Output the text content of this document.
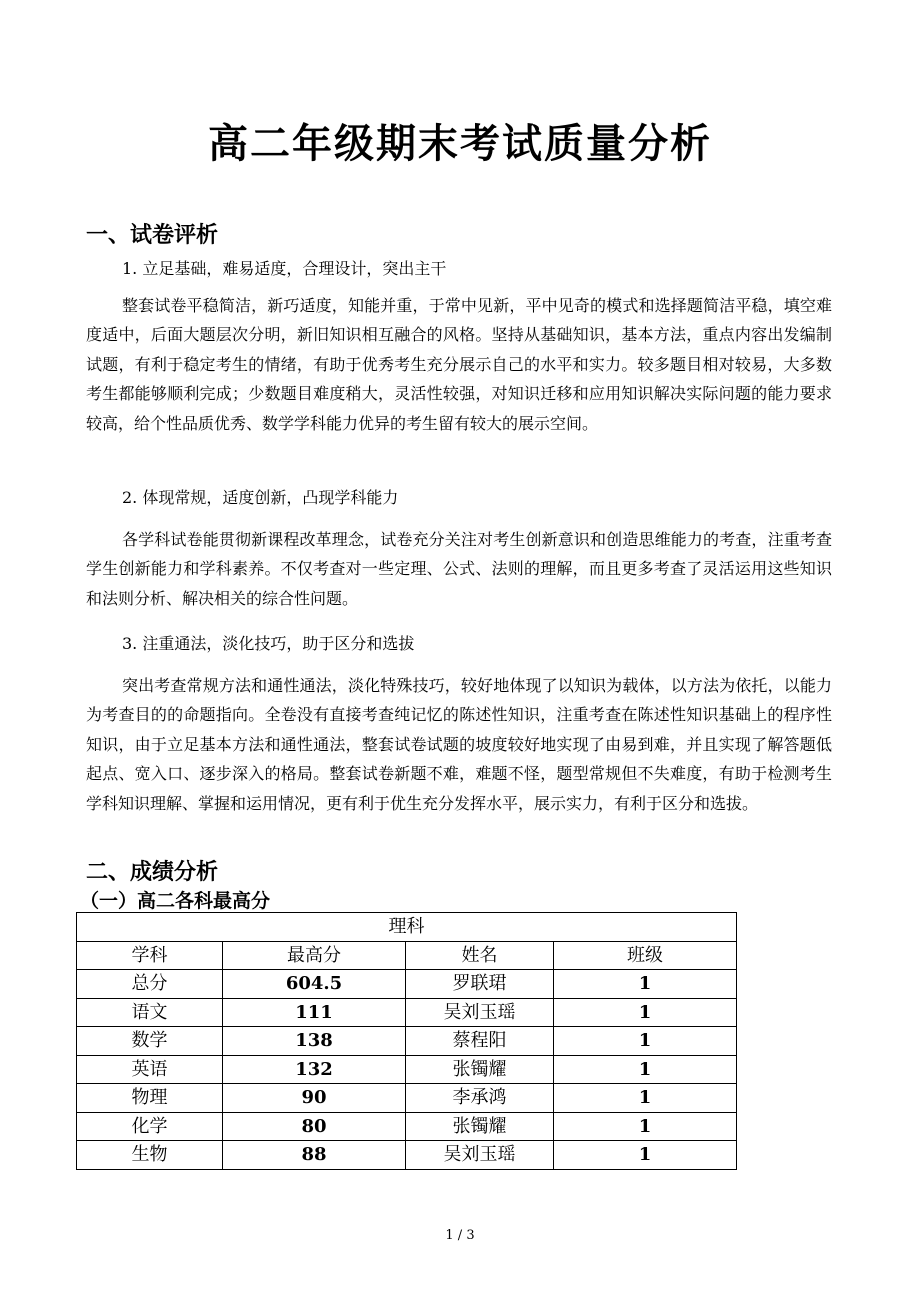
高二年级期末考试质量分析
一、试卷评析

1. 立足基础，难易适度，合理设计，突出主干

整套试卷平稳简洁，新巧适度，知能并重，于常中见新，平中见奇的模式和选择题简洁平稳，填空难度适中，后面大题层次分明，新旧知识相互融合的风格。坚持从基础知识，基本方法，重点内容出发编制试题，有利于稳定考生的情绪，有助于优秀考生充分展示自己的水平和实力。较多题目相对较易，大多数考生都能够顺利完成；少数题目难度稍大，灵活性较强，对知识迁移和应用知识解决实际问题的能力要求较高，给个性品质优秀、数学学科能力优异的考生留有较大的展示空间。

2. 体现常规，适度创新，凸现学科能力

各学科试卷能贯彻新课程改革理念，试卷充分关注对考生创新意识和创造思维能力的考查，注重考查学生创新能力和学科素养。不仅考查对一些定理、公式、法则的理解，而且更多考查了灵活运用这些知识和法则分析、解决相关的综合性问题。

3. 注重通法，淡化技巧，助于区分和选拔

突出考查常规方法和通性通法，淡化特殊技巧，较好地体现了以知识为载体，以方法为依托，以能力为考查目的的命题指向。全卷没有直接考查纯记忆的陈述性知识，注重考查在陈述性知识基础上的程序性知识，由于立足基本方法和通性通法，整套试卷试题的坡度较好地实现了由易到难，并且实现了解答题低起点、宽入口、逐步深入的格局。整套试卷新题不难，难题不怪，题型常规但不失难度，有助于检测考生学科知识理解、掌握和运用情况，更有利于优生充分发挥水平，展示实力，有利于区分和选拔。

二、成绩分析
（一）高二各科最高分
理科			
学科	最高分	姓名	班级
总分	604.5	罗联珺	1
语文	111	吴刘玉瑶	1
数学	138	蔡程阳	1
英语	132	张镯耀	1
物理	90	李承鸿	1
化学	80	张镯耀	1
生物	88	吴刘玉瑶	1
1 / 3
